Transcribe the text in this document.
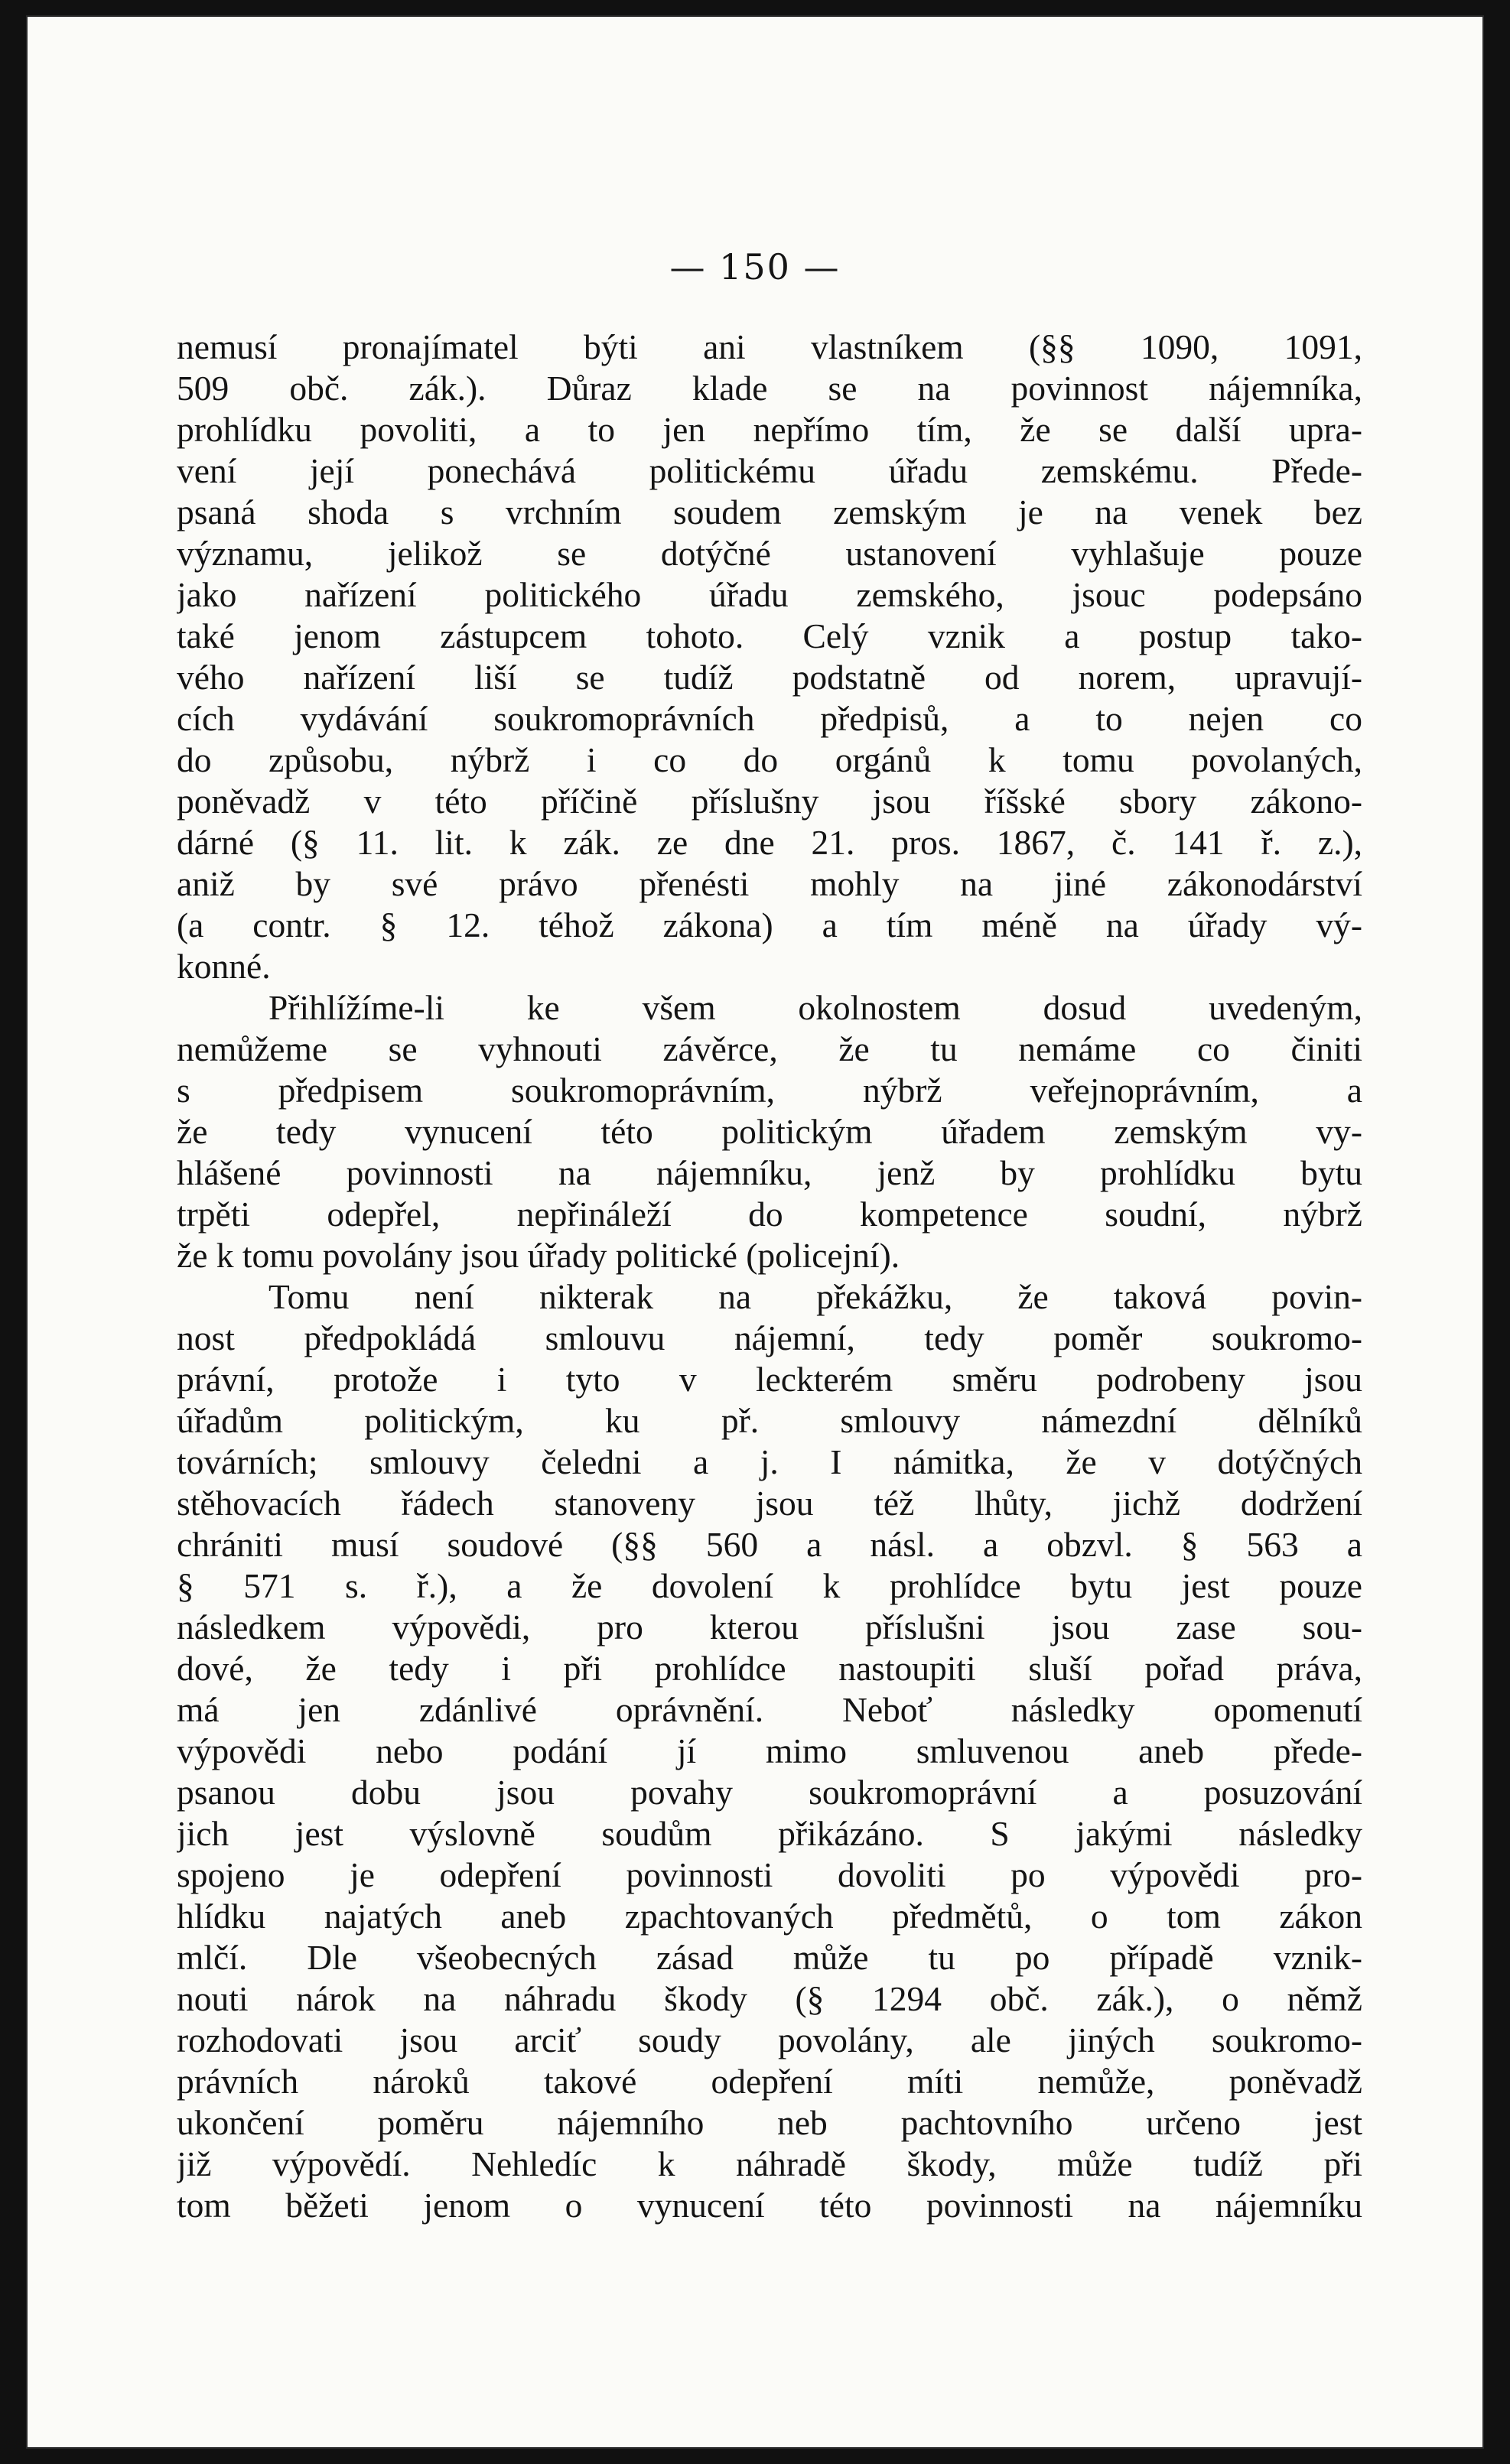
— 150 —
nemusí pronajímatel býti ani vlastníkem (§§ 1090, 1091,
509 obč. zák.). Důraz klade se na povinnost nájemníka,
prohlídku povoliti, a to jen nepřímo tím, že se další upra-
vení její ponechává politickému úřadu zemskému. Přede-
psaná shoda s vrchním soudem zemským je na venek bez
významu, jelikož se dotýčné ustanovení vyhlašuje pouze
jako nařízení politického úřadu zemského, jsouc podepsáno
také jenom zástupcem tohoto. Celý vznik a postup tako-
vého nařízení liší se tudíž podstatně od norem, upravují-
cích vydávání soukromoprávních předpisů, a to nejen co
do způsobu, nýbrž i co do orgánů k tomu povolaných,
poněvadž v této příčině příslušny jsou říšské sbory zákono-
dárné (§ 11. lit. k zák. ze dne 21. pros. 1867, č. 141 ř. z.),
aniž by své právo přenésti mohly na jiné zákonodárství
(a contr. § 12. téhož zákona) a tím méně na úřady vý-
konné.
Přihlížíme-li ke všem okolnostem dosud uvedeným,
nemůžeme se vyhnouti závěrce, že tu nemáme co činiti
s předpisem soukromoprávním, nýbrž veřejnoprávním, a
že tedy vynucení této politickým úřadem zemským vy-
hlášené povinnosti na nájemníku, jenž by prohlídku bytu
trpěti odepřel, nepřináleží do kompetence soudní, nýbrž
že k tomu povolány jsou úřady politické (policejní).
Tomu není nikterak na překážku, že taková povin-
nost předpokládá smlouvu nájemní, tedy poměr soukromo-
právní, protože i tyto v leckterém směru podrobeny jsou
úřadům politickým, ku př. smlouvy námezdní dělníků
továrních; smlouvy čeledni a j. I námitka, že v dotýčných
stěhovacích řádech stanoveny jsou též lhůty, jichž dodržení
chrániti musí soudové (§§ 560 a násl. a obzvl. § 563 a
§ 571 s. ř.), a že dovolení k prohlídce bytu jest pouze
následkem výpovědi, pro kterou příslušni jsou zase sou-
dové, že tedy i při prohlídce nastoupiti sluší pořad práva,
má jen zdánlivé oprávnění. Neboť následky opomenutí
výpovědi nebo podání jí mimo smluvenou aneb přede-
psanou dobu jsou povahy soukromoprávní a posuzování
jich jest výslovně soudům přikázáno. S jakými následky
spojeno je odepření povinnosti dovoliti po výpovědi pro-
hlídku najatých aneb zpachtovaných předmětů, o tom zákon
mlčí. Dle všeobecných zásad může tu po případě vznik-
nouti nárok na náhradu škody (§ 1294 obč. zák.), o němž
rozhodovati jsou arciť soudy povolány, ale jiných soukromo-
právních nároků takové odepření míti nemůže, poněvadž
ukončení poměru nájemního neb pachtovního určeno jest
již výpovědí. Nehledíc k náhradě škody, může tudíž při
tom běžeti jenom o vynucení této povinnosti na nájemníku
